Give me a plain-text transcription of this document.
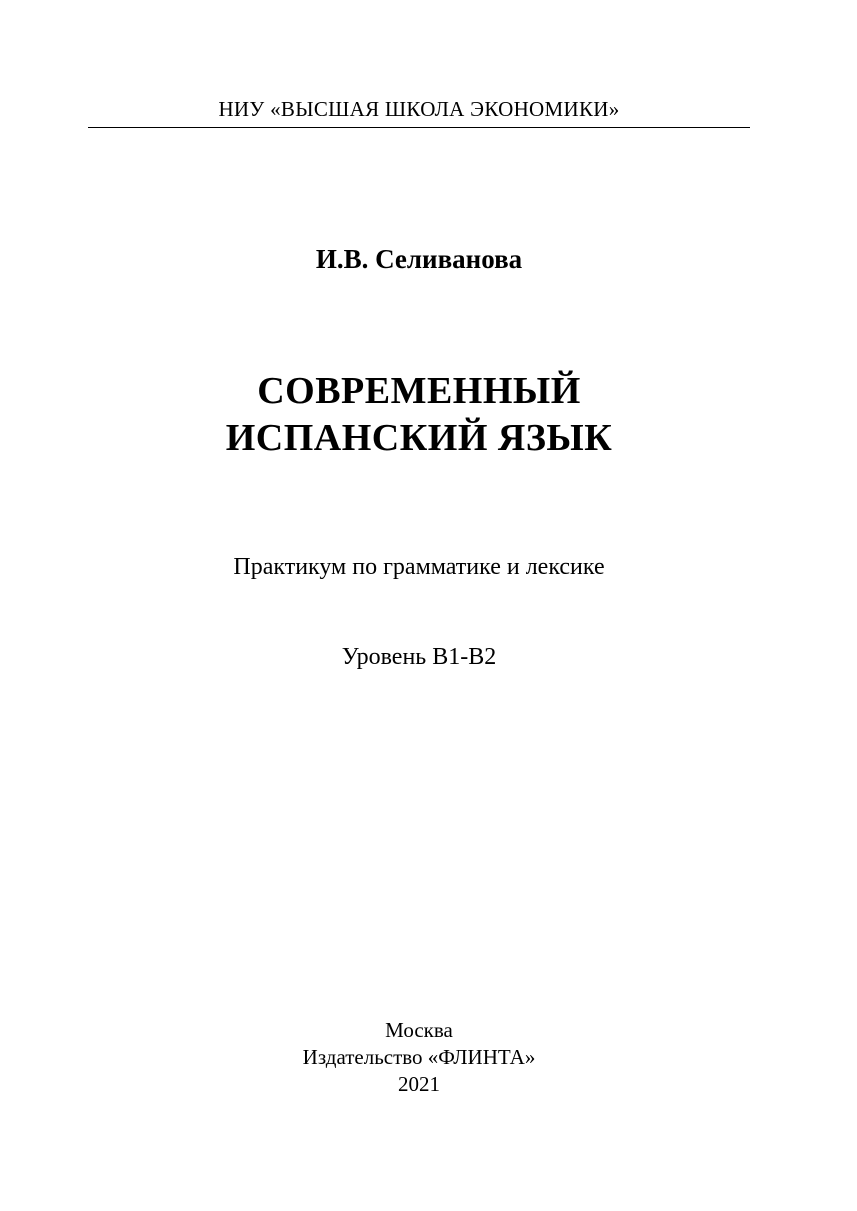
НИУ «ВЫСШАЯ ШКОЛА ЭКОНОМИКИ»
И.В. Селиванова
СОВРЕМЕННЫЙ
ИСПАНСКИЙ ЯЗЫК
Практикум по грамматике и лексике
Уровень B1-B2
Москва
Издательство «ФЛИНТА»
2021
